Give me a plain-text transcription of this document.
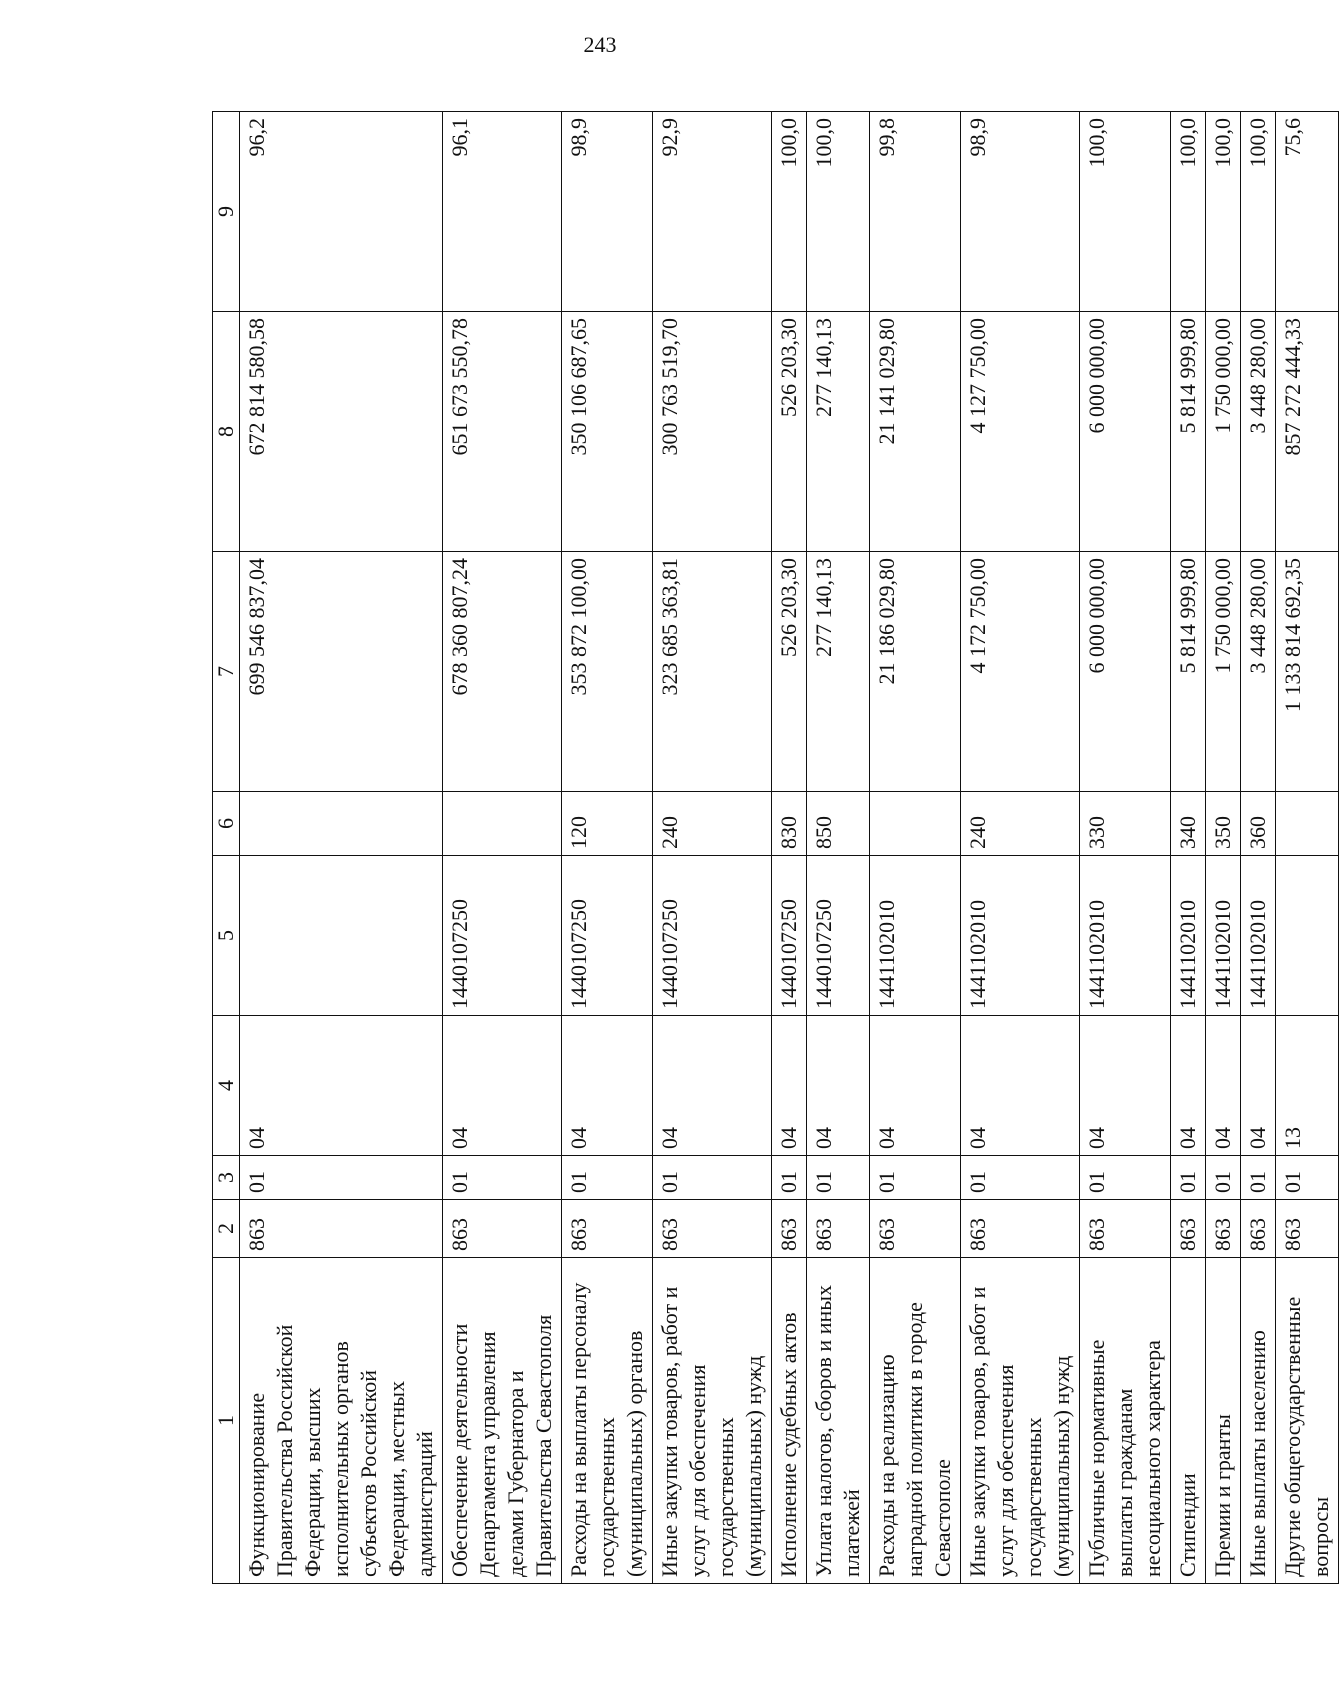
243
1	2	3	4	5	6	7	8	9
Функционирование Правительства Российской Федерации, высших исполнительных органов субъектов Российской Федерации, местных администраций	863	01	04			699 546 837,04	672 814 580,58	96,2
Обеспечение деятельности Департамента управления делами Губернатора и Правительства Севастополя	863	01	04	1440107250		678 360 807,24	651 673 550,78	96,1
Расходы на выплаты персоналу государственных (муниципальных) органов	863	01	04	1440107250	120	353 872 100,00	350 106 687,65	98,9
Иные закупки товаров, работ и услуг для обеспечения государственных (муниципальных) нужд	863	01	04	1440107250	240	323 685 363,81	300 763 519,70	92,9
Исполнение судебных актов	863	01	04	1440107250	830	526 203,30	526 203,30	100,0
Уплата налогов, сборов и иных платежей	863	01	04	1440107250	850	277 140,13	277 140,13	100,0
Расходы на реализацию наградной политики в городе Севастополе	863	01	04	1441102010		21 186 029,80	21 141 029,80	99,8
Иные закупки товаров, работ и услуг для обеспечения государственных (муниципальных) нужд	863	01	04	1441102010	240	4 172 750,00	4 127 750,00	98,9
Публичные нормативные выплаты гражданам несоциального характера	863	01	04	1441102010	330	6 000 000,00	6 000 000,00	100,0
Стипендии	863	01	04	1441102010	340	5 814 999,80	5 814 999,80	100,0
Премии и гранты	863	01	04	1441102010	350	1 750 000,00	1 750 000,00	100,0
Иные выплаты населению	863	01	04	1441102010	360	3 448 280,00	3 448 280,00	100,0
Другие общегосударственные вопросы	863	01	13			1 133 814 692,35	857 272 444,33	75,6
